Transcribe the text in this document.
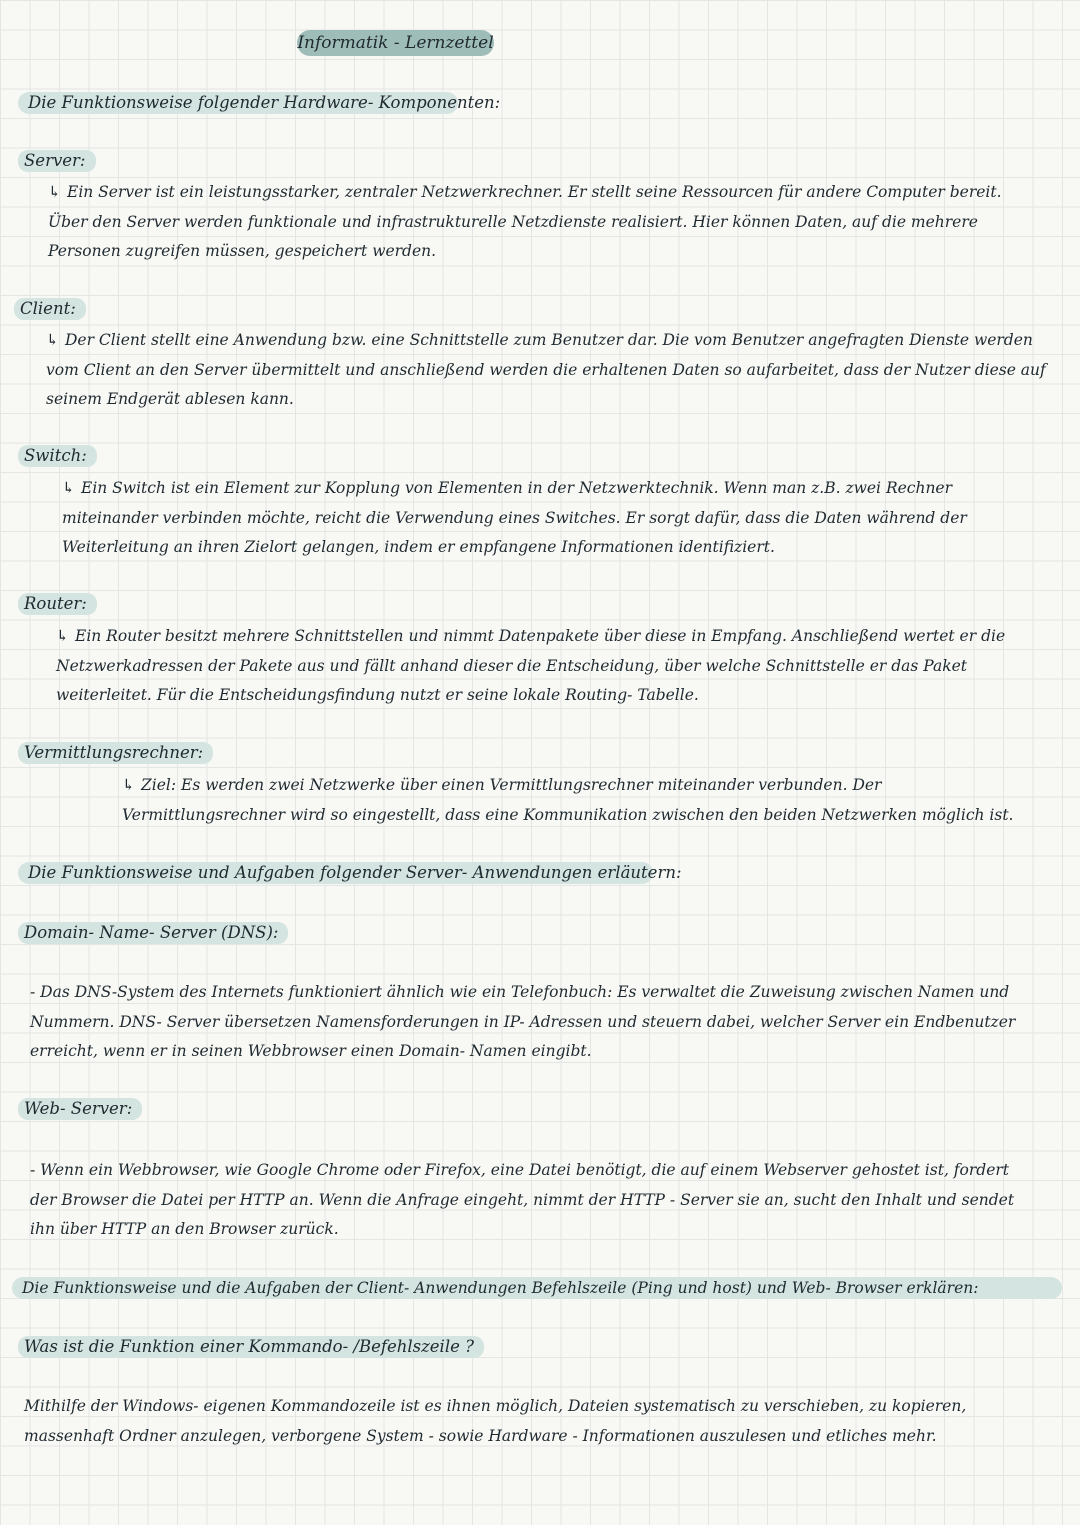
Informatik - Lernzettel
Die Funktionsweise folgender Hardware- Komponenten:
Server:

↳ Ein Server ist ein leistungsstarker, zentraler Netzwerkrechner. Er stellt seine Ressourcen für andere Computer bereit. Über den Server werden funktionale und infrastrukturelle Netzdienste realisiert. Hier können Daten, auf die mehrere Personen zugreifen müssen, gespeichert werden.

Client:

↳ Der Client stellt eine Anwendung bzw. eine Schnittstelle zum Benutzer dar. Die vom Benutzer angefragten Dienste werden vom Client an den Server übermittelt und anschließend werden die erhaltenen Daten so aufarbeitet, dass der Nutzer diese auf seinem Endgerät ablesen kann.

Switch:

↳ Ein Switch ist ein Element zur Kopplung von Elementen in der Netzwerktechnik. Wenn man z.B. zwei Rechner miteinander verbinden möchte, reicht die Verwendung eines Switches. Er sorgt dafür, dass die Daten während der Weiterleitung an ihren Zielort gelangen, indem er empfangene Informationen identifiziert.

Router:

↳ Ein Router besitzt mehrere Schnittstellen und nimmt Datenpakete über diese in Empfang. Anschließend wertet er die Netzwerkadressen der Pakete aus und fällt anhand dieser die Entscheidung, über welche Schnittstelle er das Paket weiterleitet. Für die Entscheidungsfindung nutzt er seine lokale Routing- Tabelle.

Vermittlungsrechner:

↳ Ziel: Es werden zwei Netzwerke über einen Vermittlungsrechner miteinander verbunden. Der Vermittlungsrechner wird so eingestellt, dass eine Kommunikation zwischen den beiden Netzwerken möglich ist.

Die Funktionsweise und Aufgaben folgender Server- Anwendungen erläutern:
Domain- Name- Server (DNS):

- Das DNS-System des Internets funktioniert ähnlich wie ein Telefonbuch: Es verwaltet die Zuweisung zwischen Namen und Nummern. DNS- Server übersetzen Namensforderungen in IP- Adressen und steuern dabei, welcher Server ein Endbenutzer erreicht, wenn er in seinen Webbrowser einen Domain- Namen eingibt.

Web- Server:

- Wenn ein Webbrowser, wie Google Chrome oder Firefox, eine Datei benötigt, die auf einem Webserver gehostet ist, fordert der Browser die Datei per HTTP an. Wenn die Anfrage eingeht, nimmt der HTTP - Server sie an, sucht den Inhalt und sendet ihn über HTTP an den Browser zurück.

Die Funktionsweise und die Aufgaben der Client- Anwendungen Befehlszeile (Ping und host) und Web- Browser erklären:
Was ist die Funktion einer Kommando- /Befehlszeile ?

Mithilfe der Windows- eigenen Kommandozeile ist es ihnen möglich, Dateien systematisch zu verschieben, zu kopieren, massenhaft Ordner anzulegen, verborgene System - sowie Hardware - Informationen auszulesen und etliches mehr.
